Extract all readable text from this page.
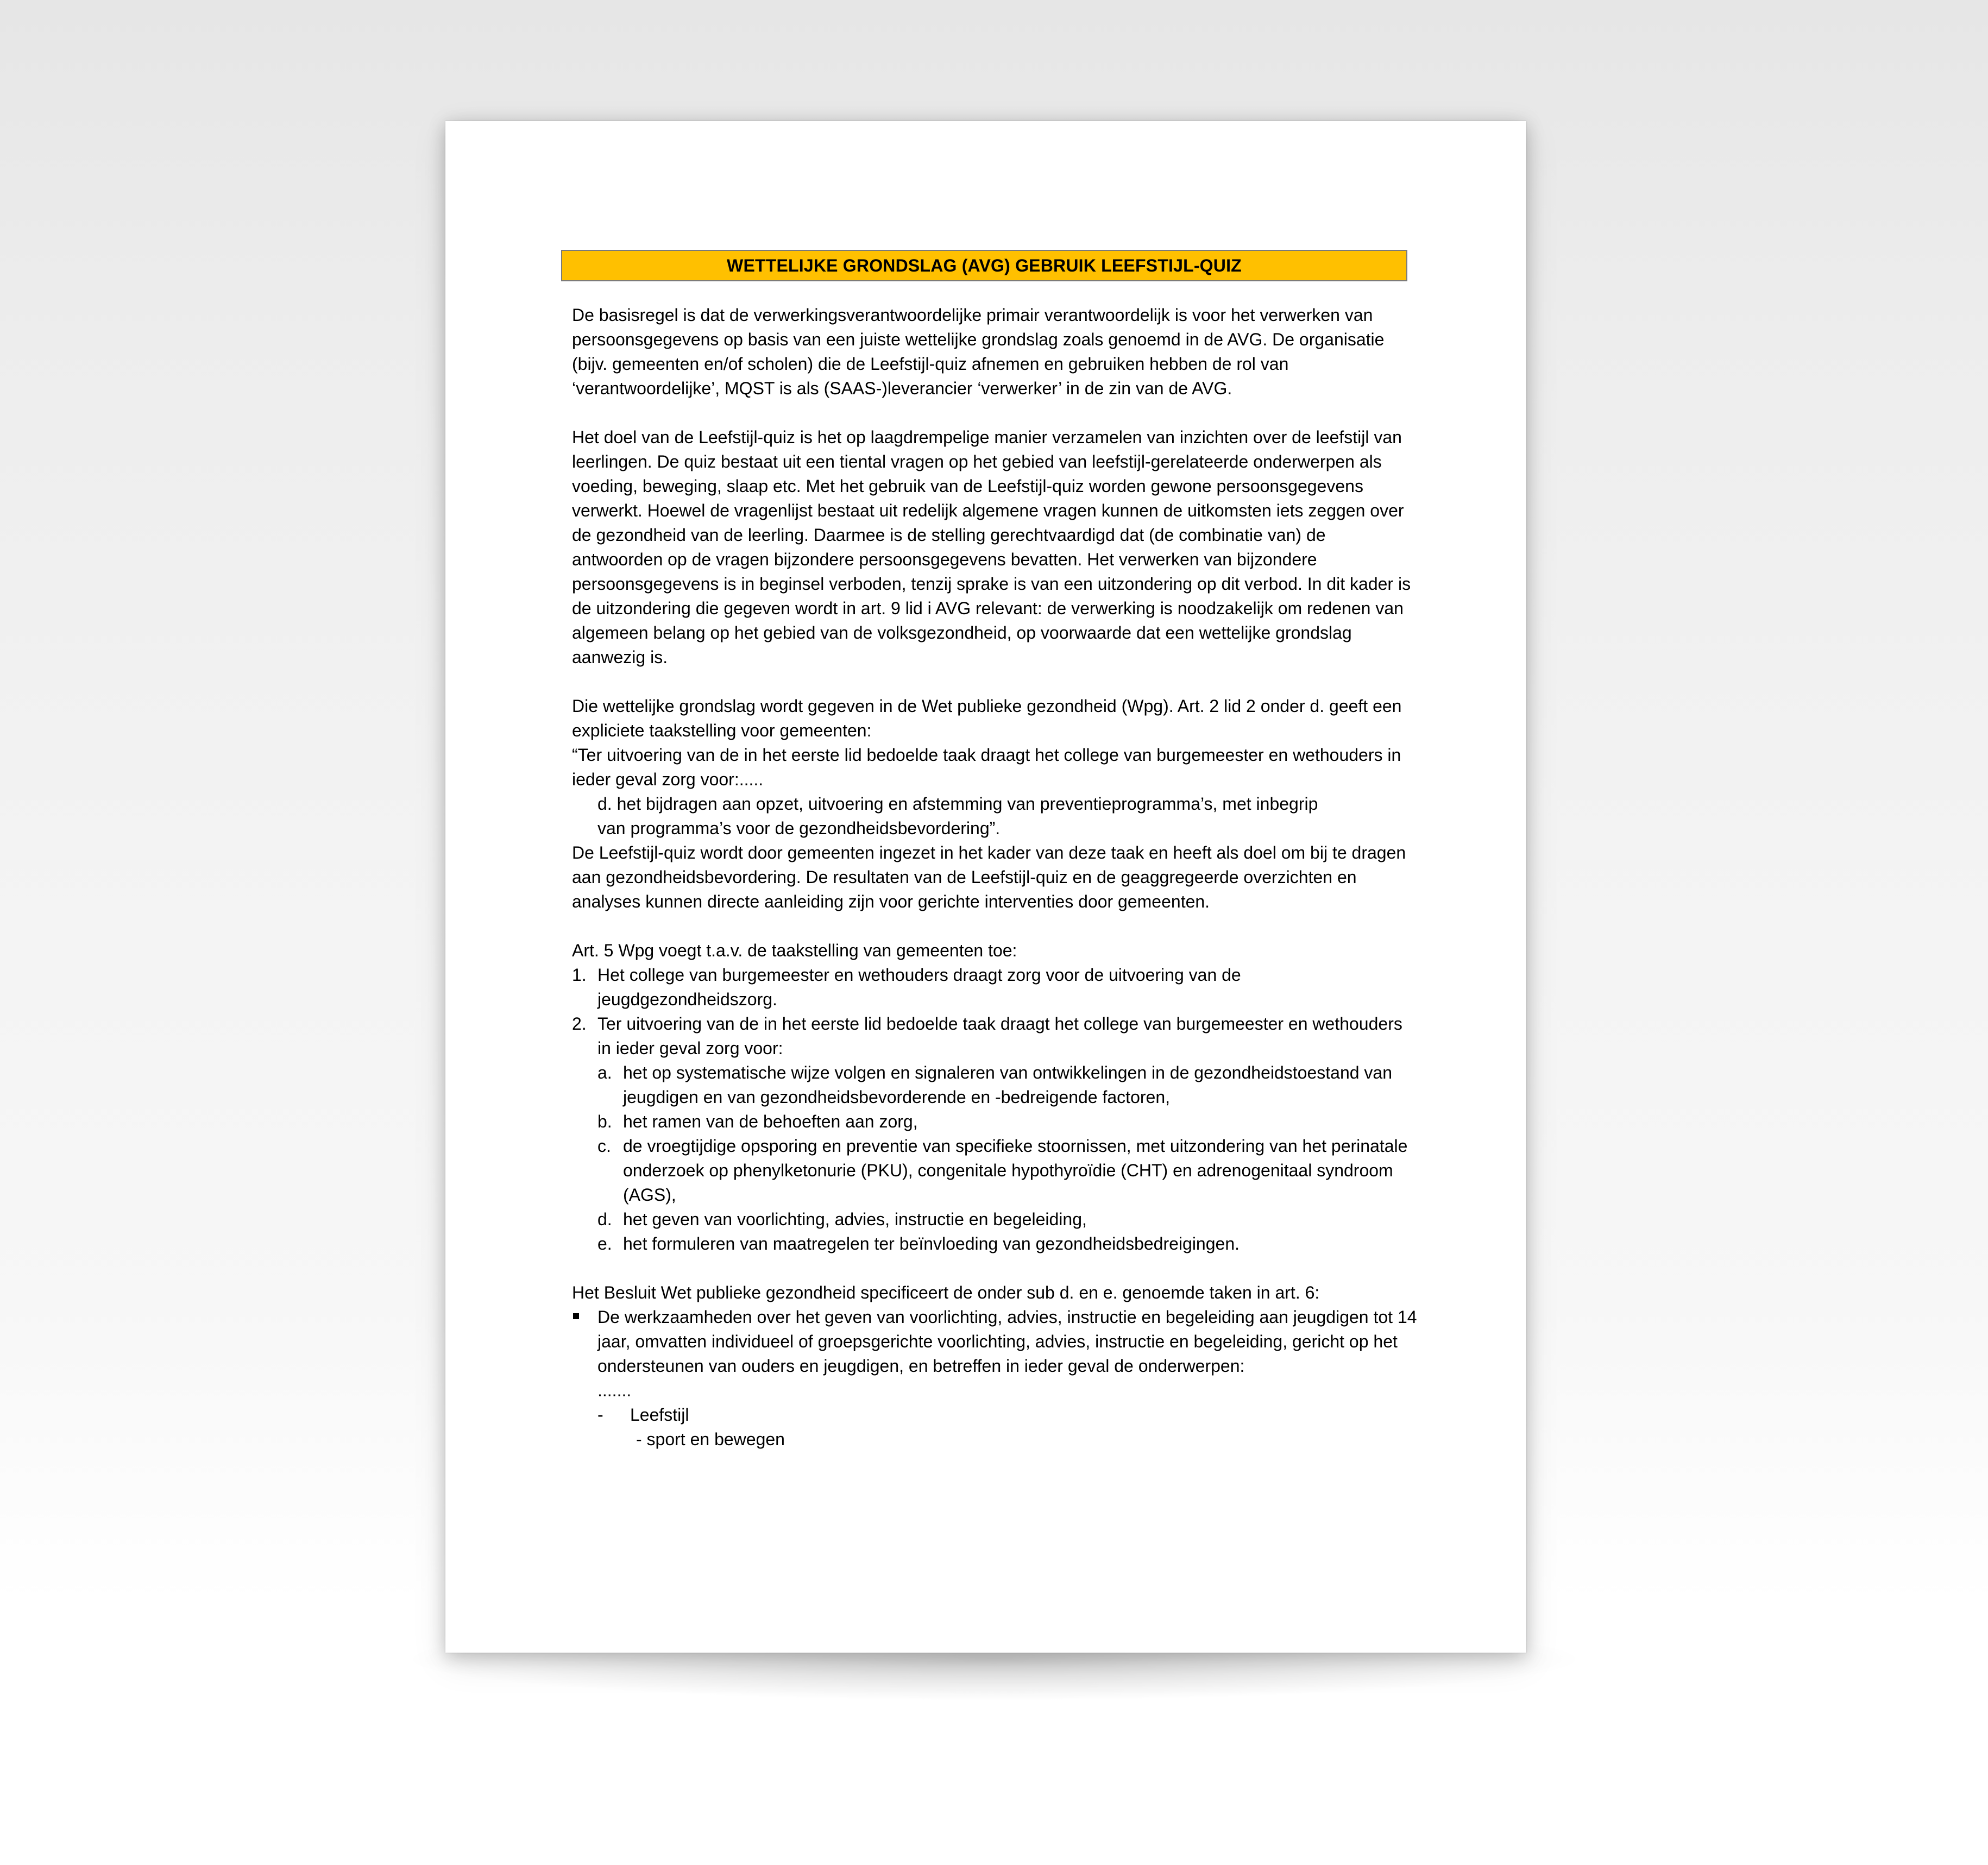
WETTELIJKE GRONDSLAG (AVG) GEBRUIK LEEFSTIJL-QUIZ

De basisregel is dat de verwerkingsverantwoordelijke primair verantwoordelijk is voor het verwerken van persoonsgegevens op basis van een juiste wettelijke grondslag zoals genoemd in de AVG. De organisatie (bijv. gemeenten en/of scholen) die de Leefstijl-quiz afnemen en gebruiken hebben de rol van ‘verantwoordelijke’, MQST is als (SAAS-)leverancier ‘verwerker’ in de zin van de AVG.

Het doel van de Leefstijl-quiz is het op laagdrempelige manier verzamelen van inzichten over de leefstijl van leerlingen. De quiz bestaat uit een tiental vragen op het gebied van leefstijl-gerelateerde onderwerpen als voeding, beweging, slaap etc. Met het gebruik van de Leefstijl-quiz worden gewone persoonsgegevens verwerkt. Hoewel de vragenlijst bestaat uit redelijk algemene vragen kunnen de uitkomsten iets zeggen over de gezondheid van de leerling. Daarmee is de stelling gerechtvaardigd dat (de combinatie van) de antwoorden op de vragen bijzondere persoonsgegevens bevatten. Het verwerken van bijzondere persoonsgegevens is in beginsel verboden, tenzij sprake is van een uitzondering op dit verbod. In dit kader is de uitzondering die gegeven wordt in art. 9 lid i AVG relevant: de verwerking is noodzakelijk om redenen van algemeen belang op het gebied van de volksgezondheid, op voorwaarde dat een wettelijke grondslag aanwezig is.

Die wettelijke grondslag wordt gegeven in de Wet publieke gezondheid (Wpg). Art. 2 lid 2 onder d. geeft een expliciete taakstelling voor gemeenten:

“Ter uitvoering van de in het eerste lid bedoelde taak draagt het college van burgemeester en wethouders in ieder geval zorg voor:.....

d. het bijdragen aan opzet, uitvoering en afstemming van preventieprogramma’s, met inbegrip

van programma’s voor de gezondheidsbevordering”.

De Leefstijl-quiz wordt door gemeenten ingezet in het kader van deze taak en heeft als doel om bij te dragen aan gezondheidsbevordering. De resultaten van de Leefstijl-quiz en de geaggregeerde overzichten en analyses kunnen directe aanleiding zijn voor gerichte interventies door gemeenten.

Art. 5 Wpg voegt t.a.v. de taakstelling van gemeenten toe:

1. Het college van burgemeester en wethouders draagt zorg voor de uitvoering van de jeugdgezondheidszorg.
2. Ter uitvoering van de in het eerste lid bedoelde taak draagt het college van burgemeester en wethouders in ieder geval zorg voor:
a. het op systematische wijze volgen en signaleren van ontwikkelingen in de gezondheidstoestand van jeugdigen en van gezondheidsbevorderende en -bedreigende factoren,
b. het ramen van de behoeften aan zorg,
c. de vroegtijdige opsporing en preventie van specifieke stoornissen, met uitzondering van het perinatale onderzoek op phenylketonurie (PKU), congenitale hypothyroïdie (CHT) en adrenogenitaal syndroom (AGS),
d. het geven van voorlichting, advies, instructie en begeleiding,
e. het formuleren van maatregelen ter beïnvloeding van gezondheidsbedreigingen.

Het Besluit Wet publieke gezondheid specificeert de onder sub d. en e. genoemde taken in art. 6:

De werkzaamheden over het geven van voorlichting, advies, instructie en begeleiding aan jeugdigen tot 14 jaar, omvatten individueel of groepsgerichte voorlichting, advies, instructie en begeleiding, gericht op het ondersteunen van ouders en jeugdigen, en betreffen in ieder geval de onderwerpen:

.......

-	Leefstijl

- sport en bewegen
